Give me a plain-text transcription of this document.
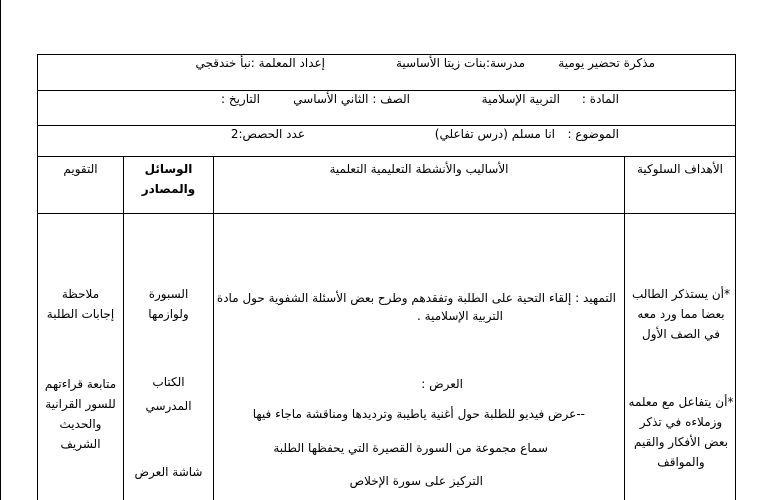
مذكرة تحضير يومية
مدرسة:بنات زيتا الأساسية
إعداد المعلمة :نبأ خندقجي
المادة :
التربية الإسلامية
الصف : الثاني الأساسي
التاريخ :
الموضوع :
انا مسلم (درس تفاعلي)
عدد الحصص:2
الأهداف السلوكية
الأساليب والأنشطة التعليمية التعلمية
الوسائل
والمصادر
التقويم
*أن يستذكر الطالب
بعضا مما ورد معه
في الصف الأول
*أن يتفاعل مع معلمه
وزملاءه في تذكر
بعض الأفكار والقيم
والمواقف
التمهيد : إلقاء التحية على الطلبة وتفقدهم وطرح بعض الأسئلة الشفوية حول مادة
التربية الإسلامية .
العرض :
--عرض فيديو للطلبة حول أغنية ياطيبة وترديدها ومناقشة ماجاء فيها
سماع مجموعة من السورة القصيرة التي يحفظها الطلبة
التركيز على سورة الإخلاص
السبورة
ولوازمها
الكتاب
المدرسي
شاشة العرض
ملاحظة
إجابات الطلبة
متابعة قراءتهم
للسور القرانية
والحديث
الشريف
